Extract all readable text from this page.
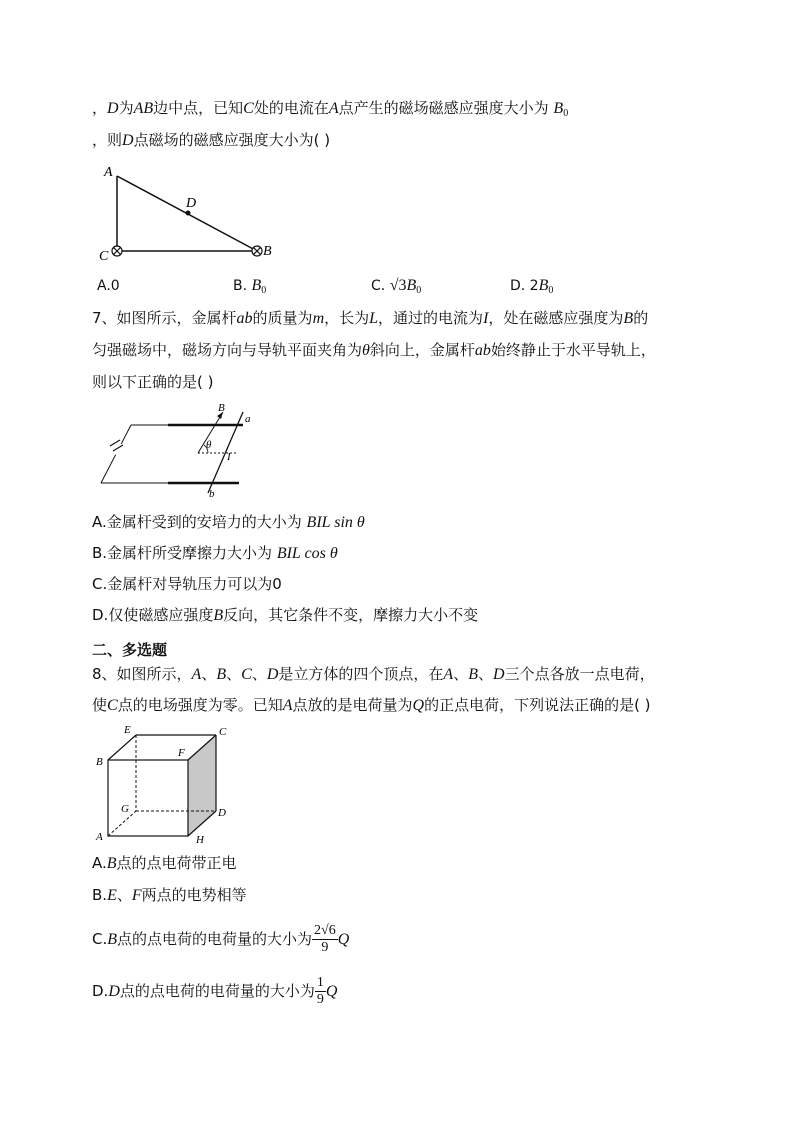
，D为AB边中点，已知C处的电流在A点产生的磁场磁感应强度大小为 $B_0$
，则D点磁场的磁感应强度大小为( )
A
D
C	B
A.0	B. $B_0$	C. $√3B_0$	D. $2B_0$
7、如图所示，金属杆ab的质量为m，长为L，通过的电流为I，处在磁感应强度为B的
匀强磁场中，磁场方向与导轨平面夹角为θ斜向上，金属杆ab始终静止于水平导轨上，
则以下正确的是( )
B
a
θ
I
b
A.金属杆受到的安培力的大小为 BIL sin θ
B.金属杆所受摩擦力大小为 BIL cos θ
C.金属杆对导轨压力可以为0
D.仅使磁感应强度B反向，其它条件不变，摩擦力大小不变
二、多选题
8、如图所示，A、B、C、D是立方体的四个顶点，在A、B、D三个点各放一点电荷，
使C点的电场强度为零。已知A点放的是电荷量为Q的正点电荷，下列说法正确的是( )
E	C
F
B
G	D
A	H
A.B点的点电荷带正电
B.E、F两点的电势相等
C.B点的点电荷的电荷量的大小为 $\frac{2√6}{9}$ Q
D.D点的点电荷的电荷量的大小为 $\frac{1}{9}$ Q
